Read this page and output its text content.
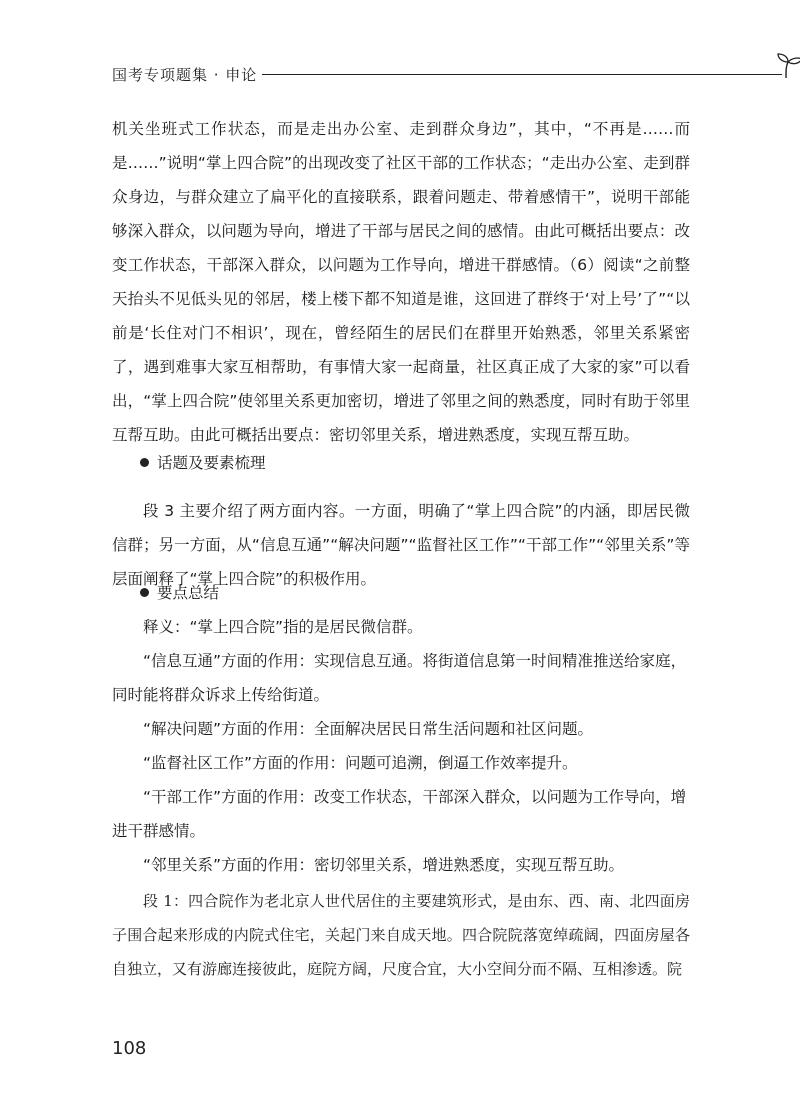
国考专项题集 · 申论
机关坐班式工作状态，而是走出办公室、走到群众身边”，其中，“不再是……而是……”说明“掌上四合院”的出现改变了社区干部的工作状态；“走出办公室、走到群众身边，与群众建立了扁平化的直接联系，跟着问题走、带着感情干”，说明干部能够深入群众，以问题为导向，增进了干部与居民之间的感情。由此可概括出要点：改变工作状态，干部深入群众，以问题为工作导向，增进干群感情。（6）阅读“之前整天抬头不见低头见的邻居，楼上楼下都不知道是谁，这回进了群终于‘对上号’了”“以前是‘长住对门不相识’，现在，曾经陌生的居民们在群里开始熟悉，邻里关系紧密了，遇到难事大家互相帮助，有事情大家一起商量，社区真正成了大家的家”可以看出，“掌上四合院”使邻里关系更加密切，增进了邻里之间的熟悉度，同时有助于邻里互帮互助。由此可概括出要点：密切邻里关系，增进熟悉度，实现互帮互助。
话题及要素梳理
段 3 主要介绍了两方面内容。一方面，明确了“掌上四合院”的内涵，即居民微信群；另一方面，从“信息互通”“解决问题”“监督社区工作”“干部工作”“邻里关系”等层面阐释了“掌上四合院”的积极作用。
要点总结
释义：“掌上四合院”指的是居民微信群。
“信息互通”方面的作用：实现信息互通。将街道信息第一时间精准推送给家庭，同时能将群众诉求上传给街道。
“解决问题”方面的作用：全面解决居民日常生活问题和社区问题。
“监督社区工作”方面的作用：问题可追溯，倒逼工作效率提升。
“干部工作”方面的作用：改变工作状态，干部深入群众，以问题为工作导向，增进干群感情。
“邻里关系”方面的作用：密切邻里关系，增进熟悉度，实现互帮互助。
段 1：四合院作为老北京人世代居住的主要建筑形式，是由东、西、南、北四面房子围合起来形成的内院式住宅，关起门来自成天地。四合院院落宽绰疏阔，四面房屋各自独立，又有游廊连接彼此，庭院方阔，尺度合宜，大小空间分而不隔、互相渗透。院
108
